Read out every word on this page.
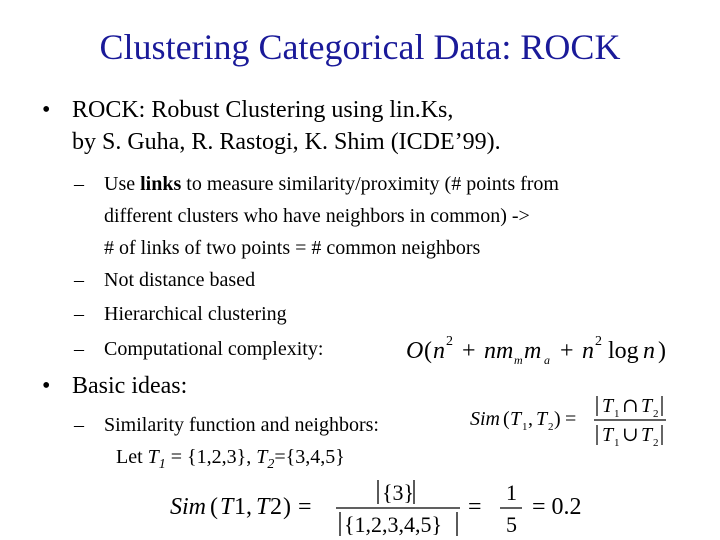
Clustering Categorical Data: ROCK
• ROCK: Robust Clustering using lin.Ks,
by S. Guha, R. Rastogi, K. Shim (ICDE’99).
– Use links to measure similarity/proximity (# points from
different clusters who have neighbors in common) ->
# of links of two points = # common neighbors
– Not distance based
– Hierarchical clustering
– Computational complexity:	O ( n 2 + nm m m a + n 2 log n )
• Basic ideas:
– Similarity function and neighbors:
Let $T_1 = \{1,2,3\}$, $T_2=\{3,4,5\}$
Sim ( T 1 , T 2 ) =
T 1 ∩ T 2
T 1 ∪ T 2
Sim ( T 1, T 2 ) =
{3}
{1,2,3,4,5}
=
1
5
= 0.2
